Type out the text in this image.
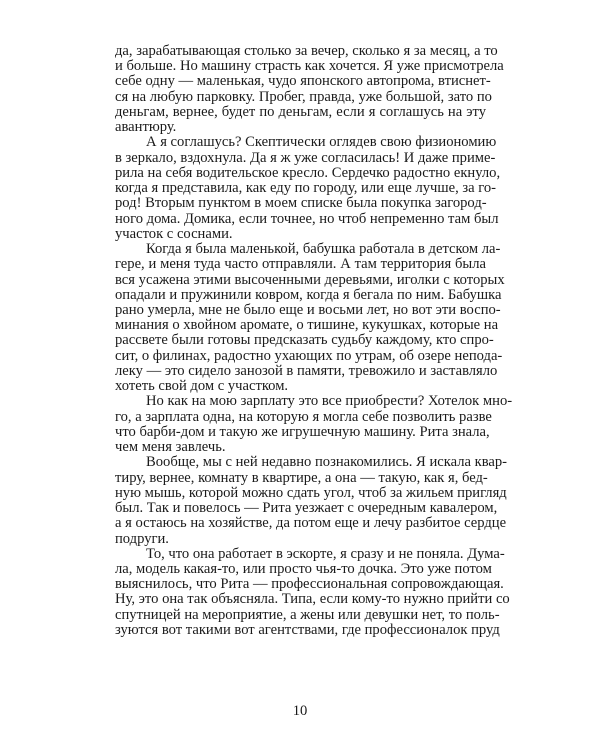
да, зарабатывающая столько за вечер, сколько я за месяц, а то
и больше. Но машину страсть как хочется. Я уже присмотрела
себе одну — маленькая, чудо японского автопрома, втиснет-
ся на любую парковку. Пробег, правда, уже большой, зато по
деньгам, вернее, будет по деньгам, если я соглашусь на эту
авантюру.
А я соглашусь? Скептически оглядев свою физиономию
в зеркало, вздохнула. Да я ж уже согласилась! И даже приме-
рила на себя водительское кресло. Сердечко радостно екнуло,
когда я представила, как еду по городу, или еще лучше, за го-
род! Вторым пунктом в моем списке была покупка загород-
ного дома. Домика, если точнее, но чтоб непременно там был
участок с соснами.
Когда я была маленькой, бабушка работала в детском ла-
гере, и меня туда часто отправляли. А там территория была
вся усажена этими высоченными деревьями, иголки с которых
опадали и пружинили ковром, когда я бегала по ним. Бабушка
рано умерла, мне не было еще и восьми лет, но вот эти воспо-
минания о хвойном аромате, о тишине, кукушках, которые на
рассвете были готовы предсказать судьбу каждому, кто спро-
сит, о филинах, радостно ухающих по утрам, об озере непода-
леку — это сидело занозой в памяти, тревожило и заставляло
хотеть свой дом с участком.
Но как на мою зарплату это все приобрести? Хотелок мно-
го, а зарплата одна, на которую я могла себе позволить разве
что барби-дом и такую же игрушечную машину. Рита знала,
чем меня завлечь.
Вообще, мы с ней недавно познакомились. Я искала квар-
тиру, вернее, комнату в квартире, а она — такую, как я, бед-
ную мышь, которой можно сдать угол, чтоб за жильем пригляд
был. Так и повелось — Рита уезжает с очередным кавалером,
а я остаюсь на хозяйстве, да потом еще и лечу разбитое сердце
подруги.
То, что она работает в эскорте, я сразу и не поняла. Дума-
ла, модель какая-то, или просто чья-то дочка. Это уже потом
выяснилось, что Рита — профессиональная сопровождающая.
Ну, это она так объясняла. Типа, если кому-то нужно прийти со
спутницей на мероприятие, а жены или девушки нет, то поль-
зуются вот такими вот агентствами, где профессионалок пруд
10
